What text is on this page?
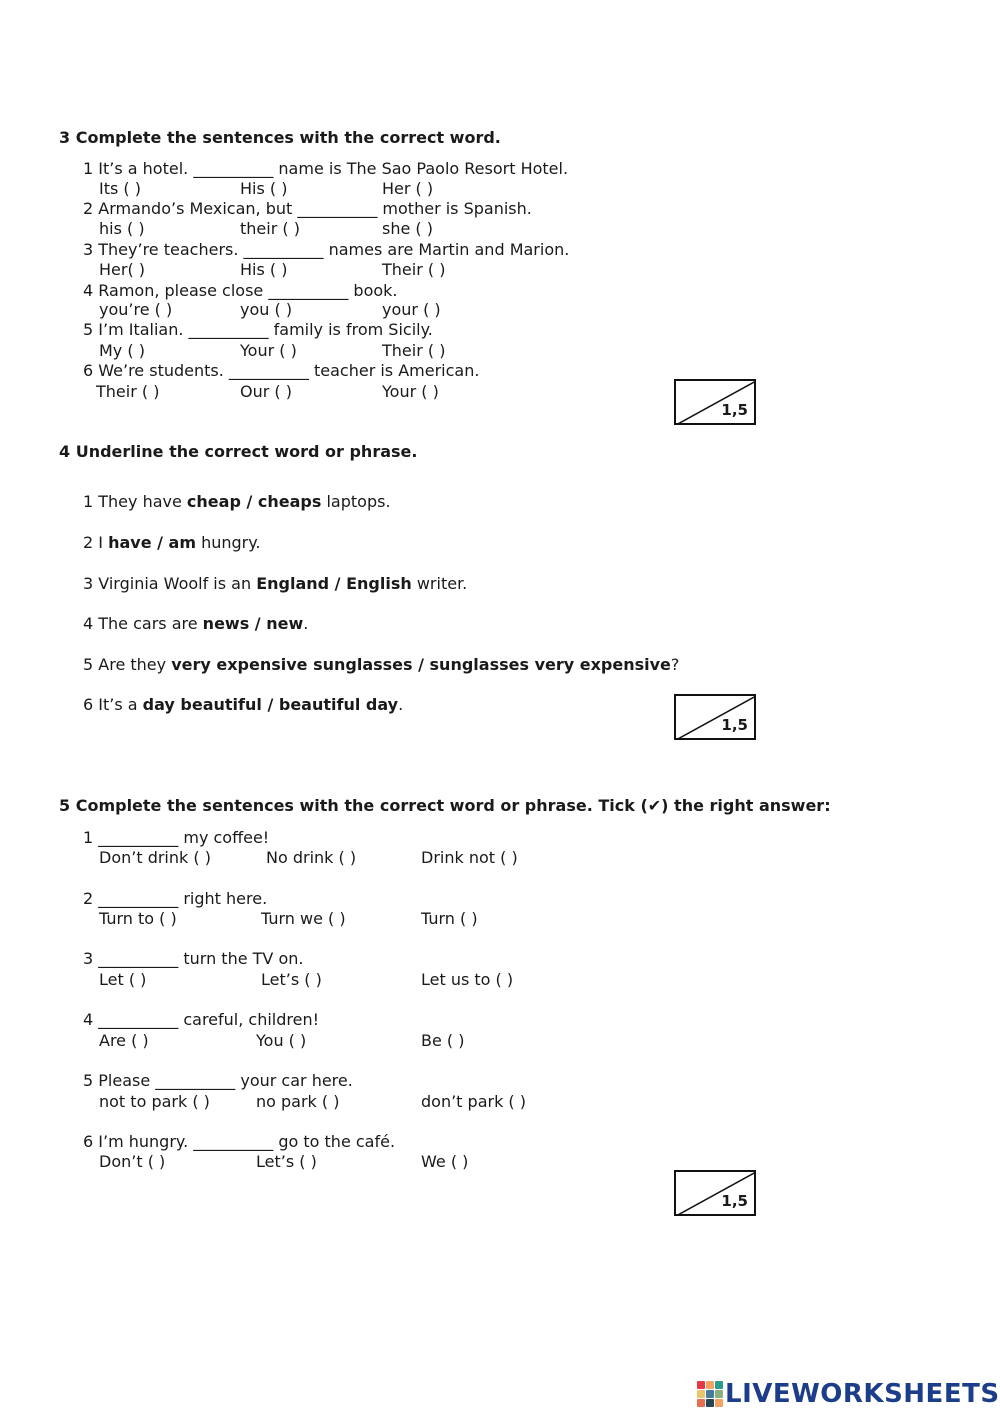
3 Complete the sentences with the correct word.
1 It’s a hotel. __________ name is The Sao Paolo Resort Hotel.
Its ( )	His ( )	Her ( )
2 Armando’s Mexican, but __________ mother is Spanish.
his ( )	their ( )	she ( )
3 They’re teachers. __________ names are Martin and Marion.
Her( )	His ( )	Their ( )
4 Ramon, please close __________ book.
you’re ( )	you ( )	your ( )
5 I’m Italian. __________ family is from Sicily.
My ( )	Your ( )	Their ( )
6 We’re students. __________ teacher is American.
Their ( )	Our ( )	Your ( )
1,5
4 Underline the correct word or phrase.
1 They have cheap / cheaps laptops.
2 I have / am hungry.
3 Virginia Woolf is an England / English writer.
4 The cars are news / new.
5 Are they very expensive sunglasses / sunglasses very expensive?
6 It’s a day beautiful / beautiful day.
1,5
5 Complete the sentences with the correct word or phrase. Tick (✔) the right answer:
1 __________ my coffee!
Don’t drink ( )	No drink ( )	Drink not ( )
2 __________ right here.
Turn to ( )	Turn we ( )	Turn ( )
3 __________ turn the TV on.
Let ( )	Let’s ( )	Let us to ( )
4 __________ careful, children!
Are ( )	You ( )	Be ( )
5 Please __________ your car here.
not to park ( )	no park ( )	don’t park ( )
6 I’m hungry. __________ go to the café.
Don’t ( )	Let’s ( )	We ( )
1,5
LIVEWORKSHEETS
